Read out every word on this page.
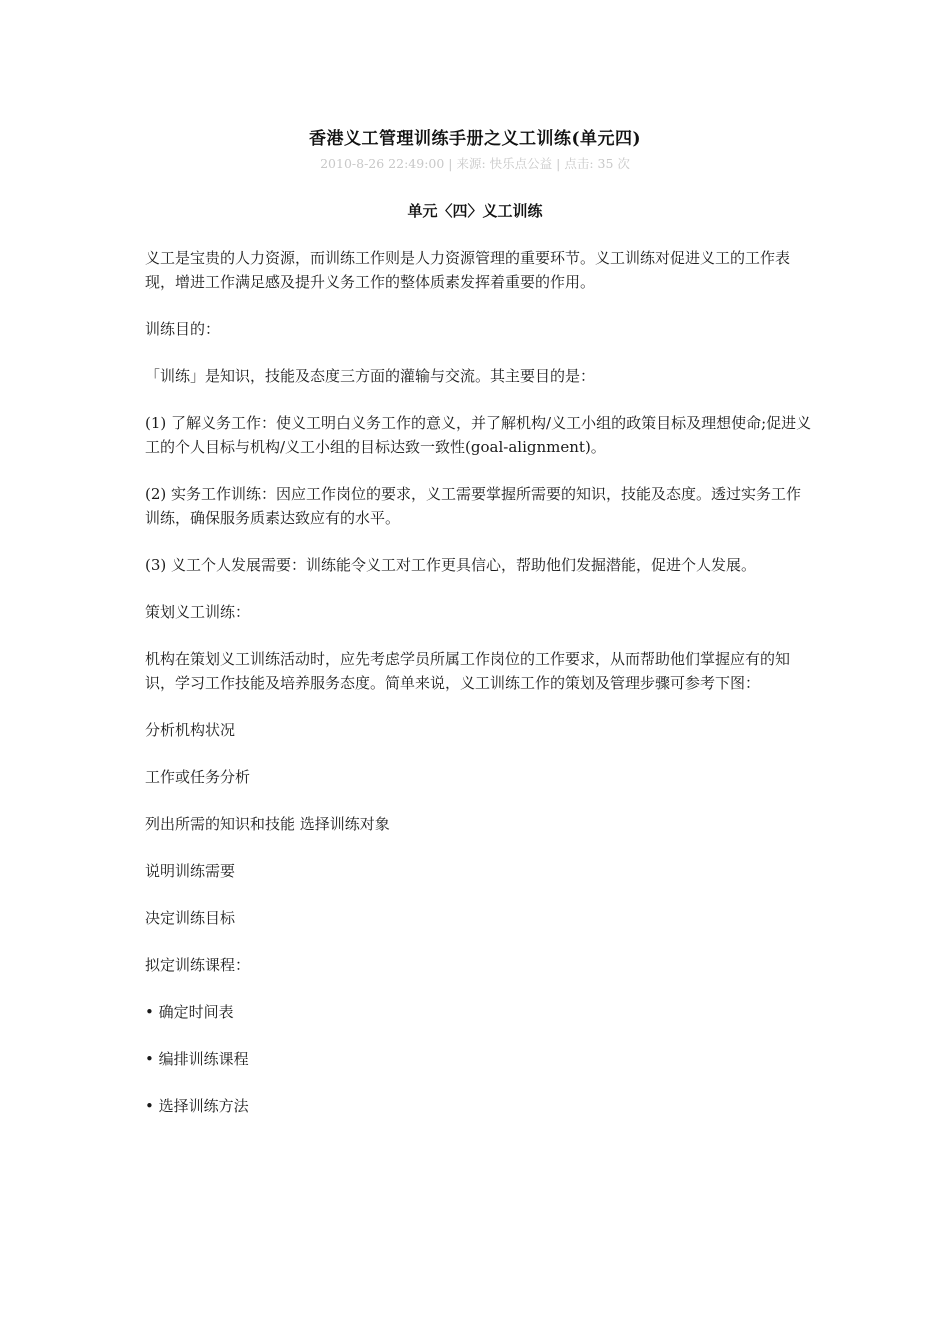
香港义工管理训练手册之义工训练(单元四)
2010-8-26 22:49:00 | 来源: 快乐点公益 | 点击: 35 次
单元〈四〉义工训练

义工是宝贵的人力资源，而训练工作则是人力资源管理的重要环节。义工训练对促进义工的工作表现，增进工作满足感及提升义务工作的整体质素发挥着重要的作用。

训练目的：

「训练」是知识，技能及态度三方面的灌输与交流。其主要目的是：

(1) 了解义务工作：使义工明白义务工作的意义，并了解机构/义工小组的政策目标及理想使命;促进义工的个人目标与机构/义工小组的目标达致一致性(goal-alignment)。

(2) 实务工作训练：因应工作岗位的要求，义工需要掌握所需要的知识，技能及态度。透过实务工作训练，确保服务质素达致应有的水平。

(3) 义工个人发展需要：训练能令义工对工作更具信心，帮助他们发掘潜能，促进个人发展。

策划义工训练：

机构在策划义工训练活动时，应先考虑学员所属工作岗位的工作要求，从而帮助他们掌握应有的知识，学习工作技能及培养服务态度。简单来说，义工训练工作的策划及管理步骤可参考下图：

分析机构状况

工作或任务分析

列出所需的知识和技能 选择训练对象

说明训练需要

决定训练目标

拟定训练课程：

• 确定时间表

• 编排训练课程

• 选择训练方法
